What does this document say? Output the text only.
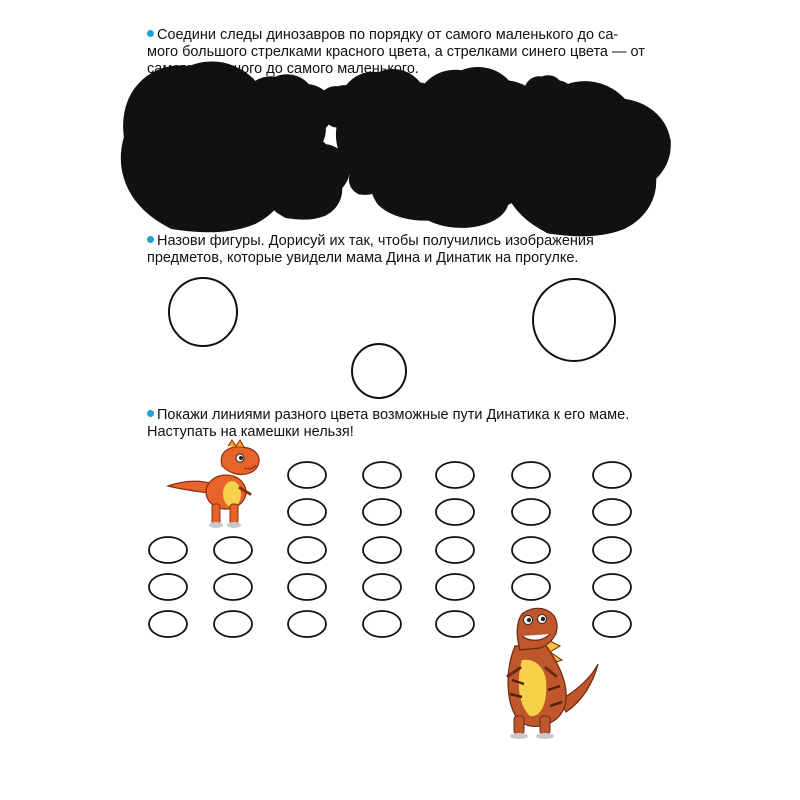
Соедини следы динозавров по порядку от самого маленького до са-

мого большого стрелками красного цвета, а стрелками синего цвета — от

самого большого до самого маленького.

Назови фигуры. Дорисуй их так, чтобы получились изображения

предметов, которые увидели мама Дина и Динатик на прогулке.

Покажи линиями разного цвета возможные пути Динатика к его маме.

Наступать на камешки нельзя!
